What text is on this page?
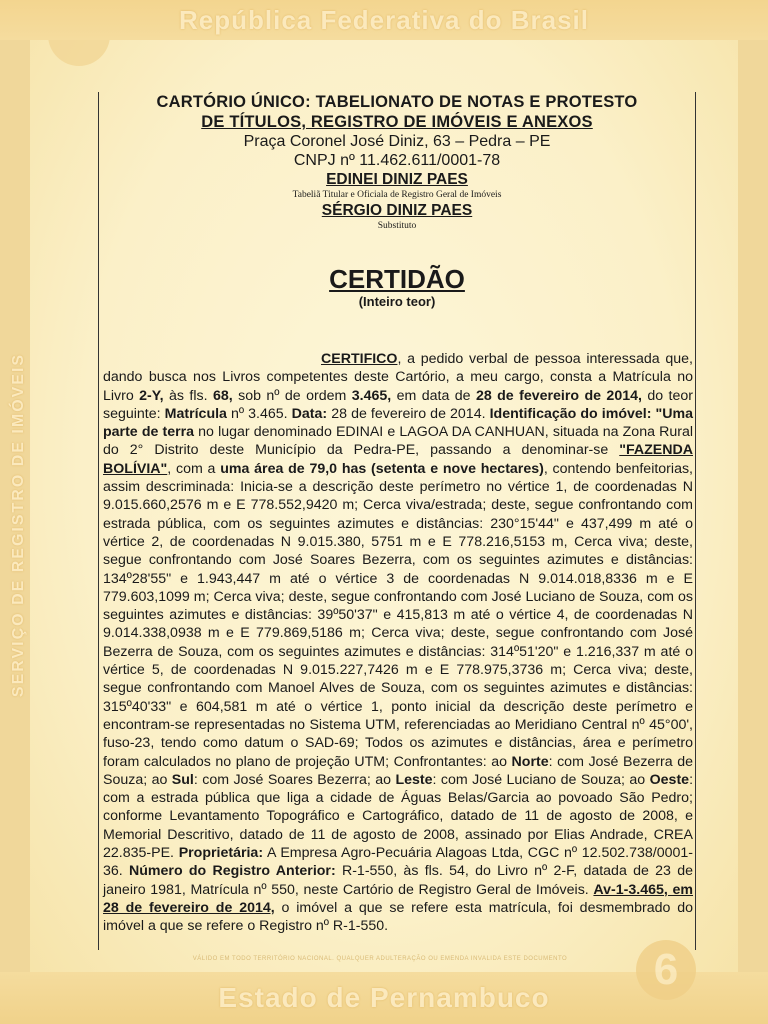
República Federativa do Brasil
SERVIÇO DE REGISTRO DE IMÓVEIS
Estado de Pernambuco
VÁLIDO EM TODO TERRITÓRIO NACIONAL. QUALQUER ADULTERAÇÃO OU EMENDA INVALIDA ESTE DOCUMENTO	6

CARTÓRIO ÚNICO: TABELIONATO DE NOTAS E PROTESTO

DE TÍTULOS, REGISTRO DE IMÓVEIS E ANEXOS

Praça Coronel José Diniz, 63 – Pedra – PE

CNPJ nº 11.462.611/0001-78

EDINEI DINIZ PAES

Tabeliã Titular e Oficiala de Registro Geral de Imóveis

SÉRGIO DINIZ PAES

Substituto

CERTIDÃO
(Inteiro teor)

CERTIFICO, a pedido verbal de pessoa interessada que, dando busca nos Livros competentes deste Cartório, a meu cargo, consta a Matrícula no Livro 2-Y, às fls. 68, sob nº de ordem 3.465, em data de 28 de fevereiro de 2014, do teor seguinte: Matrícula nº 3.465. Data: 28 de fevereiro de 2014. Identificação do imóvel: "Uma parte de terra no lugar denominado EDINAI e LAGOA DA CANHUAN, situada na Zona Rural do 2° Distrito deste Município da Pedra-PE, passando a denominar-se "FAZENDA BOLÍVIA", com a uma área de 79,0 has (setenta e nove hectares), contendo benfeitorias, assim descriminada: Inicia-se a descrição deste perímetro no vértice 1, de coordenadas N 9.015.660,2576 m e E 778.552,9420 m; Cerca viva/estrada; deste, segue confrontando com estrada pública, com os seguintes azimutes e distâncias: 230°15'44" e 437,499 m até o vértice 2, de coordenadas N 9.015.380, 5751 m e E 778.216,5153 m, Cerca viva; deste, segue confrontando com José Soares Bezerra, com os seguintes azimutes e distâncias: 134º28'55" e 1.943,447 m até o vértice 3 de coordenadas N 9.014.018,8336 m e E 779.603,1099 m; Cerca viva; deste, segue confrontando com José Luciano de Souza, com os seguintes azimutes e distâncias: 39º50'37" e 415,813 m até o vértice 4, de coordenadas N 9.014.338,0938 m e E 779.869,5186 m; Cerca viva; deste, segue confrontando com José Bezerra de Souza, com os seguintes azimutes e distâncias: 314º51'20" e 1.216,337 m até o vértice 5, de coordenadas N 9.015.227,7426 m e E 778.975,3736 m; Cerca viva; deste, segue confrontando com Manoel Alves de Souza, com os seguintes azimutes e distâncias: 315º40'33" e 604,581 m até o vértice 1, ponto inicial da descrição deste perímetro e encontram-se representadas no Sistema UTM, referenciadas ao Meridiano Central nº 45°00', fuso-23, tendo como datum o SAD-69; Todos os azimutes e distâncias, área e perímetro foram calculados no plano de projeção UTM; Confrontantes: ao Norte: com José Bezerra de Souza; ao Sul: com José Soares Bezerra; ao Leste: com José Luciano de Souza; ao Oeste: com a estrada pública que liga a cidade de Águas Belas/Garcia ao povoado São Pedro; conforme Levantamento Topográfico e Cartográfico, datado de 11 de agosto de 2008, e Memorial Descritivo, datado de 11 de agosto de 2008, assinado por Elias Andrade, CREA 22.835-PE. Proprietária: A Empresa Agro-Pecuária Alagoas Ltda, CGC nº 12.502.738/0001-36. Número do Registro Anterior: R-1-550, às fls. 54, do Livro nº 2-F, datada de 23 de janeiro 1981, Matrícula nº 550, neste Cartório de Registro Geral de Imóveis. Av-1-3.465, em 28 de fevereiro de 2014, o imóvel a que se refere esta matrícula, foi desmembrado do imóvel a que se refere o Registro nº R-1-550.
